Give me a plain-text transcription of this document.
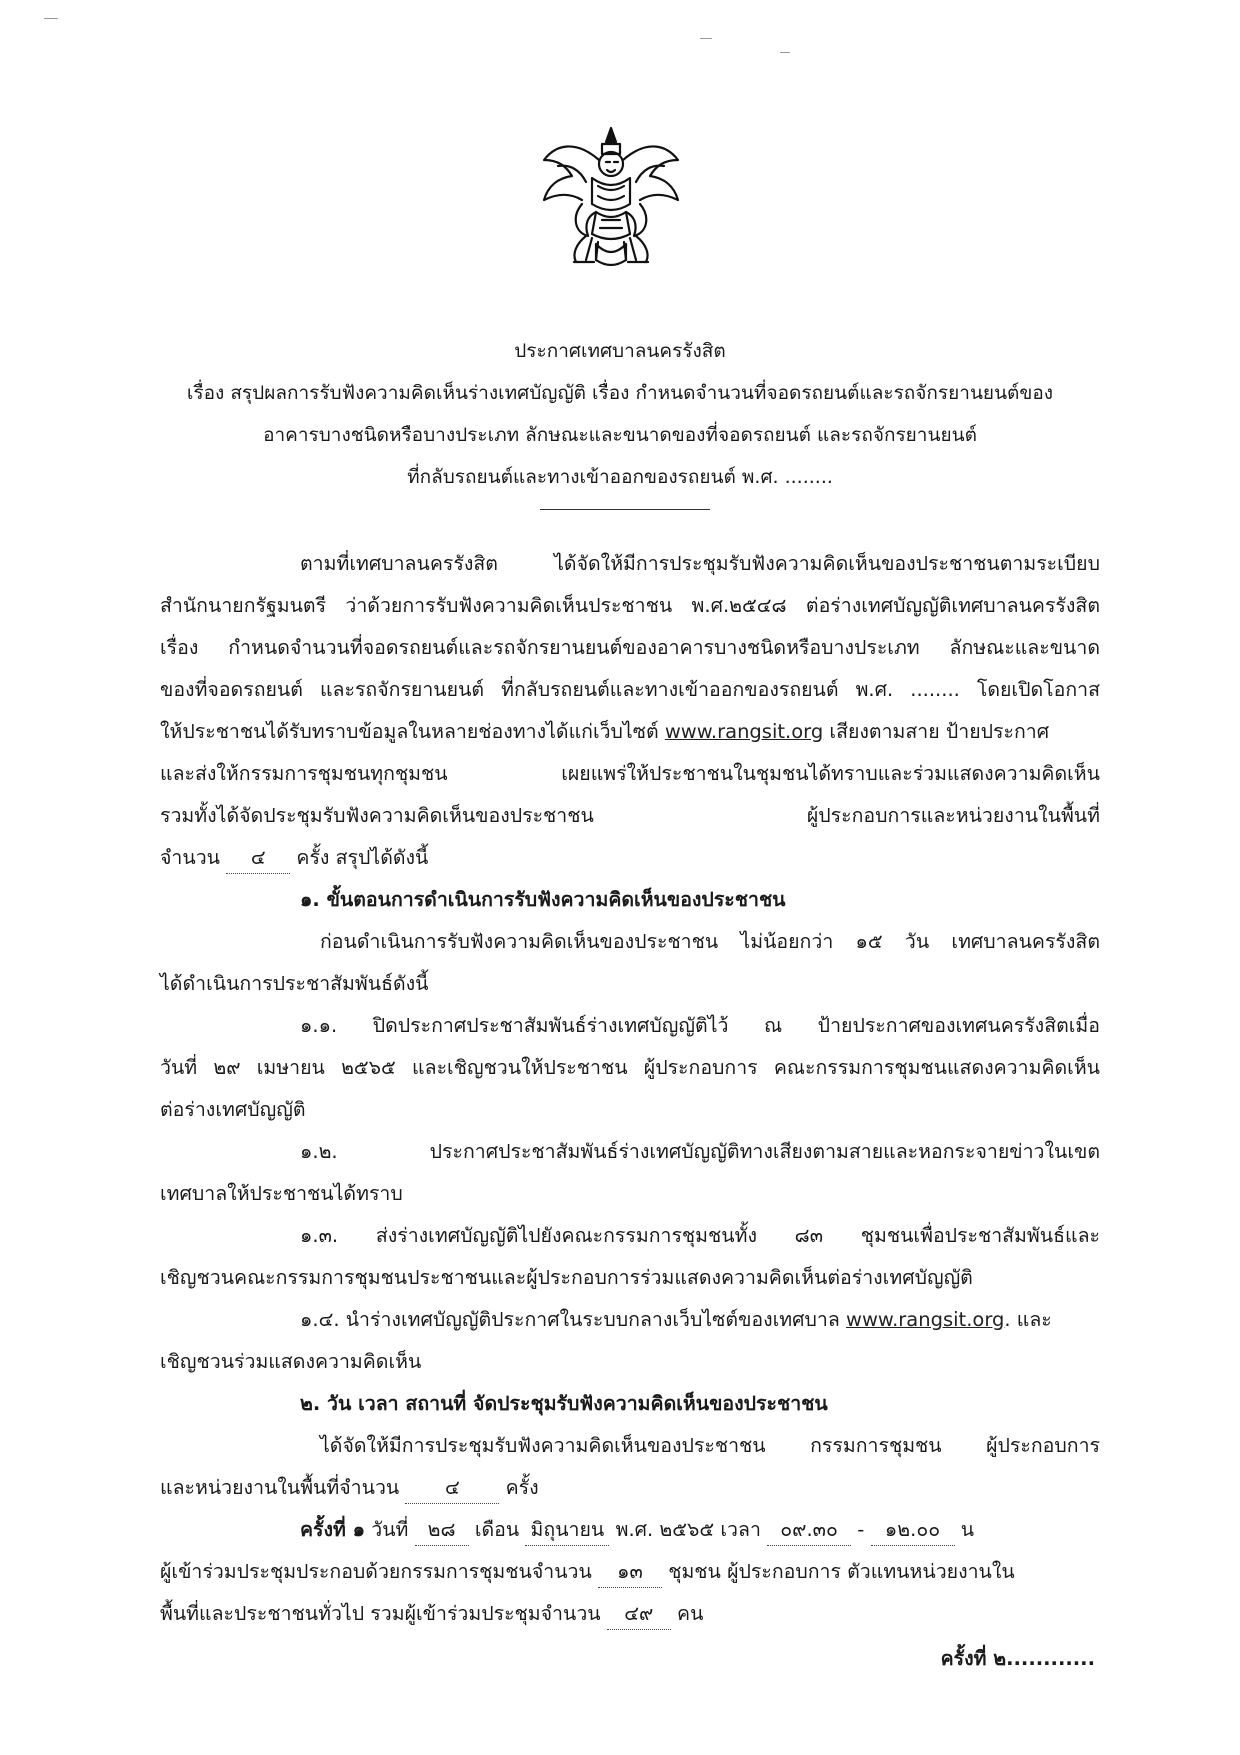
ประกาศเทศบาลนครรังสิต
เรื่อง สรุปผลการรับฟังความคิดเห็นร่างเทศบัญญัติ เรื่อง กำหนดจำนวนที่จอดรถยนต์และรถจักรยานยนต์ของ
อาคารบางชนิดหรือบางประเภท ลักษณะและขนาดของที่จอดรถยนต์ และรถจักรยานยนต์
ที่กลับรถยนต์และทางเข้าออกของรถยนต์ พ.ศ. ........
ตามที่เทศบาลนครรังสิต ได้จัดให้มีการประชุมรับฟังความคิดเห็นของประชาชนตามระเบียบ
สำนักนายกรัฐมนตรี ว่าด้วยการรับฟังความคิดเห็นประชาชน พ.ศ.๒๕๔๘ ต่อร่างเทศบัญญัติเทศบาลนครรังสิต
เรื่อง กำหนดจำนวนที่จอดรถยนต์และรถจักรยานยนต์ของอาคารบางชนิดหรือบางประเภท ลักษณะและขนาด
ของที่จอดรถยนต์ และรถจักรยานยนต์ ที่กลับรถยนต์และทางเข้าออกของรถยนต์ พ.ศ. ........ โดยเปิดโอกาส
ให้ประชาชนได้รับทราบข้อมูลในหลายช่องทางได้แก่เว็บไซต์ www.rangsit.org เสียงตามสาย ป้ายประกาศ
และส่งให้กรรมการชุมชนทุกชุมชน เผยแพร่ให้ประชาชนในชุมชนได้ทราบและร่วมแสดงความคิดเห็น
รวมทั้งได้จัดประชุมรับฟังความคิดเห็นของประชาชน ผู้ประกอบการและหน่วยงานในพื้นที่
จำนวน ๔ ครั้ง สรุปได้ดังนี้
๑. ขั้นตอนการดำเนินการรับฟังความคิดเห็นของประชาชน
ก่อนดำเนินการรับฟังความคิดเห็นของประชาชน ไม่น้อยกว่า ๑๕ วัน เทศบาลนครรังสิต
ได้ดำเนินการประชาสัมพันธ์ดังนี้
๑.๑. ปิดประกาศประชาสัมพันธ์ร่างเทศบัญญัติไว้ ณ ป้ายประกาศของเทศนครรังสิตเมื่อ
วันที่ ๒๙ เมษายน ๒๕๖๕ และเชิญชวนให้ประชาชน ผู้ประกอบการ คณะกรรมการชุมชนแสดงความคิดเห็น
ต่อร่างเทศบัญญัติ
๑.๒. ประกาศประชาสัมพันธ์ร่างเทศบัญญัติทางเสียงตามสายและหอกระจายข่าวในเขต
เทศบาลให้ประชาชนได้ทราบ
๑.๓. ส่งร่างเทศบัญญัติไปยังคณะกรรมการชุมชนทั้ง ๘๓ ชุมชนเพื่อประชาสัมพันธ์และ
เชิญชวนคณะกรรมการชุมชนประชาชนและผู้ประกอบการร่วมแสดงความคิดเห็นต่อร่างเทศบัญญัติ
๑.๔. นำร่างเทศบัญญัติประกาศในระบบกลางเว็บไซต์ของเทศบาล www.rangsit.org. และ
เชิญชวนร่วมแสดงความคิดเห็น
๒. วัน เวลา สถานที่ จัดประชุมรับฟังความคิดเห็นของประชาชน
ได้จัดให้มีการประชุมรับฟังความคิดเห็นของประชาชน กรรมการชุมชน ผู้ประกอบการ
และหน่วยงานในพื้นที่จำนวน ๔ ครั้ง
ครั้งที่ ๑ วันที่ ๒๘ เดือน มิถุนายน พ.ศ. ๒๕๖๕ เวลา ๐๙.๓๐ - ๑๒.๐๐ น
ผู้เข้าร่วมประชุมประกอบด้วยกรรมการชุมชนจำนวน ๑๓ ชุมชน ผู้ประกอบการ ตัวแทนหน่วยงานใน
พื้นที่และประชาชนทั่วไป รวมผู้เข้าร่วมประชุมจำนวน ๔๙ คน
ครั้งที่ ๒............
